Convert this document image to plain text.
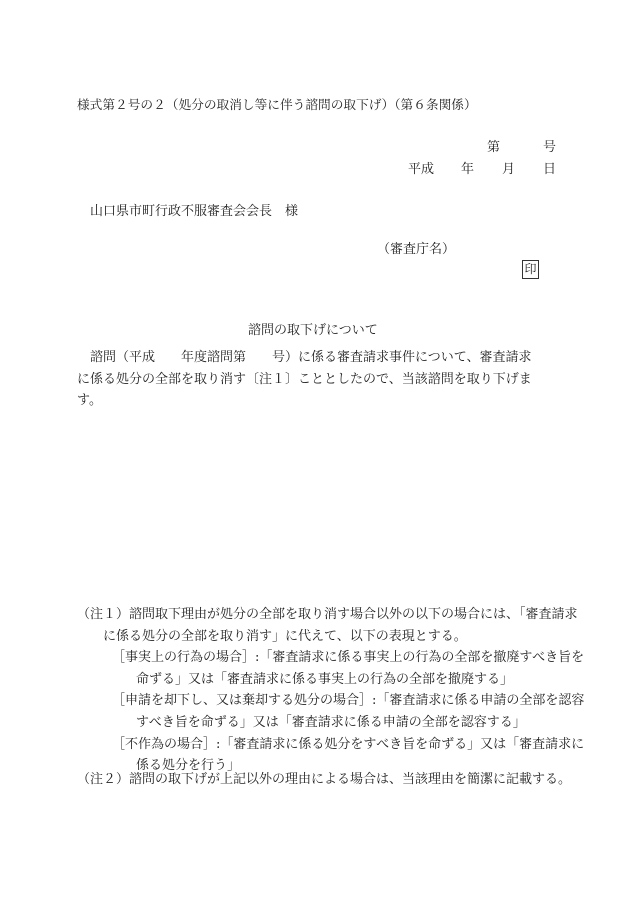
様式第２号の２（処分の取消し等に伴う諮問の取下げ）（第６条関係）
第	号
平成 年 月 日
山口県市町行政不服審査会会長　様
（審査庁名）
印
諮問の取下げについて
諮問（平成　　年度諮問第　　号）に係る審査請求事件について、審査請求
に係る処分の全部を取り消す〔注１〕こととしたので、当該諮問を取り下げま
す。
（注１）諮問取下理由が処分の全部を取り消す場合以外の以下の場合には、「審査請求
に係る処分の全部を取り消す」に代えて、以下の表現とする。
［事実上の行為の場合］:「審査請求に係る事実上の行為の全部を撤廃すべき旨を
命ずる」又は「審査請求に係る事実上の行為の全部を撤廃する」
［申請を却下し、又は棄却する処分の場合］:「審査請求に係る申請の全部を認容
すべき旨を命ずる」又は「審査請求に係る申請の全部を認容する」
［不作為の場合］:「審査請求に係る処分をすべき旨を命ずる」又は「審査請求に
係る処分を行う」
（注２）諮問の取下げが上記以外の理由による場合は、当該理由を簡潔に記載する。
